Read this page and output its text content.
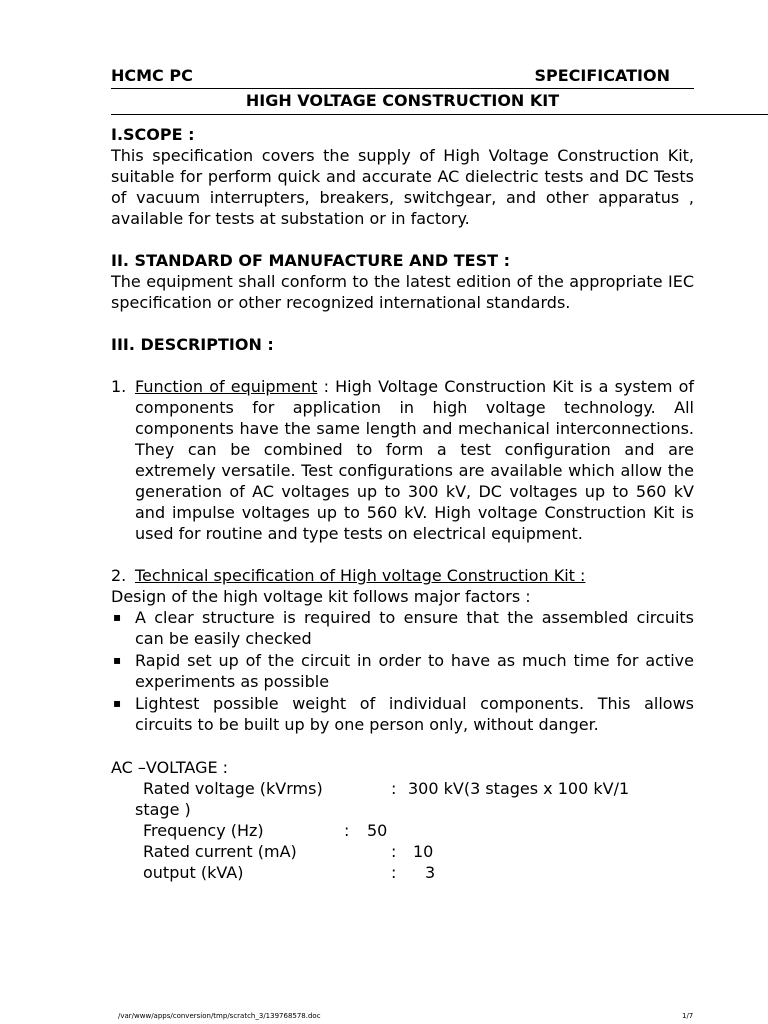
HCMC PC	SPECIFICATION
HIGH VOLTAGE CONSTRUCTION KIT

I.SCOPE :

This specification covers the supply of High Voltage Construction Kit, suitable for perform quick and accurate AC dielectric tests and DC Tests of vacuum interrupters, breakers, switchgear, and other apparatus , available for tests at substation or in factory.

II. STANDARD OF MANUFACTURE AND TEST :

The equipment shall conform to the latest edition of the appropriate IEC specification or other recognized international standards.

III. DESCRIPTION :

1. Function of equipment : High Voltage Construction Kit is a system of components for application in high voltage technology. All components have the same length and mechanical interconnections. They can be combined to form a test configuration and are extremely versatile. Test configurations are available which allow the generation of AC voltages up to 300 kV, DC voltages up to 560 kV and impulse voltages up to 560 kV. High voltage Construction Kit is used for routine and type tests on electrical equipment.

2. Technical specification of High voltage Construction Kit :

Design of the high voltage kit follows major factors :

▪ A clear structure is required to ensure that the assembled circuits can be easily checked

▪ Rapid set up of the circuit in order to have as much time for active experiments as possible

▪ Lightest possible weight of individual components. This allows circuits to be built up by one person only, without danger.

AC –VOLTAGE :

Rated voltage (kVrms)	: 300 kV(3 stages x 100 kV/1
stage )
Frequency (Hz)	: 50
Rated current (mA)	: 10
output (kVA)	: 3
/var/www/apps/conversion/tmp/scratch_3/139768578.doc	1/7
